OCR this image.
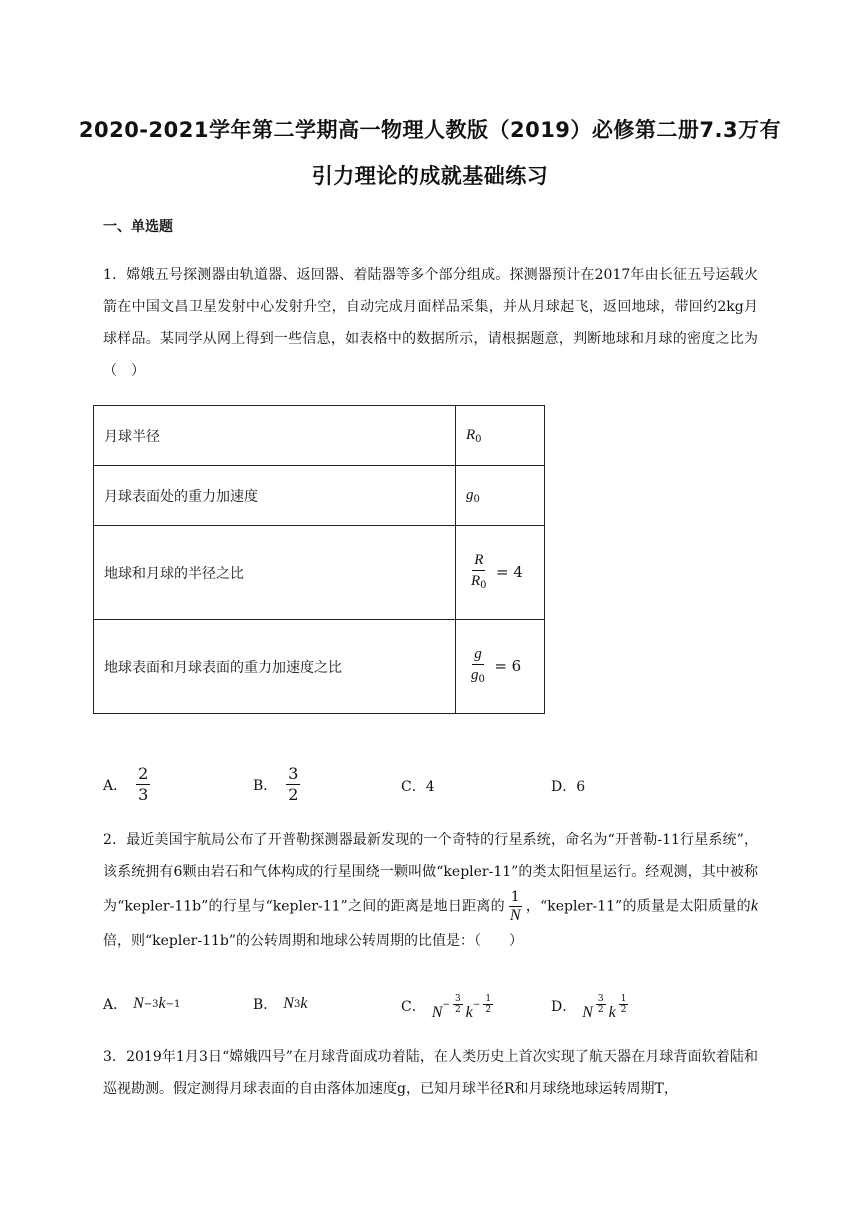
2020-2021学年第二学期高一物理人教版（2019）必修第二册7.3万有
引力理论的成就基础练习
一、单选题
1．嫦娥五号探测器由轨道器、返回器、着陆器等多个部分组成。探测器预计在2017年由长征五号运载火箭在中国文昌卫星发射中心发射升空，自动完成月面样品采集，并从月球起飞，返回地球，带回约2kg月球样品。某同学从网上得到一些信息，如表格中的数据所示，请根据题意，判断地球和月球的密度之比为（　）
月球半径	$R_0$
月球表面处的重力加速度	$g_0$
地球和月球的半径之比	$\frac{R}{R_0} = 4$
地球表面和月球表面的重力加速度之比	$\frac{g}{g_0} = 6$
A． $\frac{2}{3}$	B． $\frac{3}{2}$	C．4	D．6
2．最近美国宇航局公布了开普勒探测器最新发现的一个奇特的行星系统，命名为“开普勒-11行星系统”，该系统拥有6颗由岩石和气体构成的行星围绕一颗叫做“kepler-11”的类太阳恒星运行。经观测，其中被称为“kepler-11b”的行星与“kepler-11”之间的距离是地日距离的 $\frac{1}{N}$ ，“kepler-11”的质量是太阳质量的k倍，则“kepler-11b”的公转周期和地球公转周期的比值是：（　　）
A． N −3 k −1	B． N 3 k	C． $N - \frac{3}{2}$ $k - \frac{1}{2}$	D． N $\frac{3}{2}$ k $\frac{1}{2}$
3．2019年1月3日“嫦娥四号”在月球背面成功着陆，在人类历史上首次实现了航天器在月球背面软着陆和巡视勘测。假定测得月球表面的自由落体加速度g，已知月球半径R和月球绕地球运转周期T，
